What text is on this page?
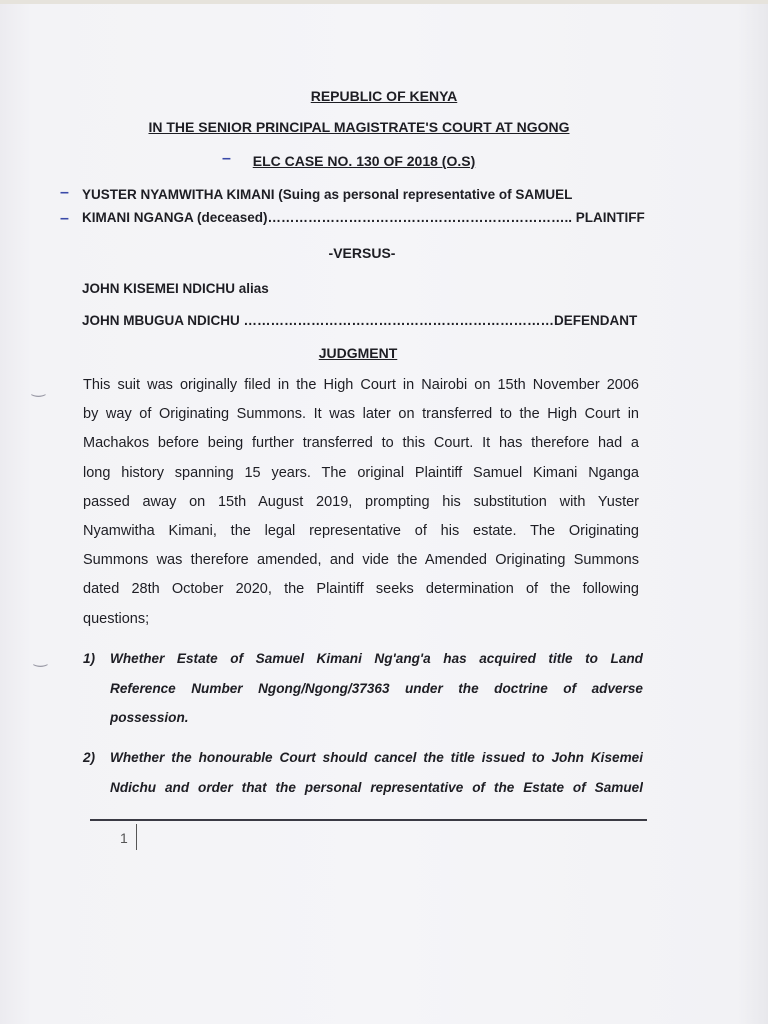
REPUBLIC OF KENYA
IN THE SENIOR PRINCIPAL MAGISTRATE'S COURT AT NGONG
–	ELC CASE NO. 130 OF 2018 (O.S)
– YUSTER NYAMWITHA KIMANI (Suing as personal representative of SAMUEL
– KIMANI NGANGA (deceased)………………………………………………………….. PLAINTIFF
-VERSUS-
JOHN KISEMEI NDICHU alias
JOHN MBUGUA NDICHU ……………………………………………………………DEFENDANT
JUDGMENT
‿	This suit was originally filed in the High Court in Nairobi on 15th November 2006
by way of Originating Summons. It was later on transferred to the High Court in
Machakos before being further transferred to this Court. It has therefore had a
long history spanning 15 years. The original Plaintiff Samuel Kimani Nganga
passed away on 15th August 2019, prompting his substitution with Yuster
Nyamwitha Kimani, the legal representative of his estate. The Originating
Summons was therefore amended, and vide the Amended Originating Summons
dated 28th October 2020, the Plaintiff seeks determination of the following
questions;
‿	1) Whether Estate of Samuel Kimani Ng'ang'a has acquired title to Land
Reference Number Ngong/Ngong/37363 under the doctrine of adverse
possession.
2) Whether the honourable Court should cancel the title issued to John Kisemei
Ndichu and order that the personal representative of the Estate of Samuel
1
